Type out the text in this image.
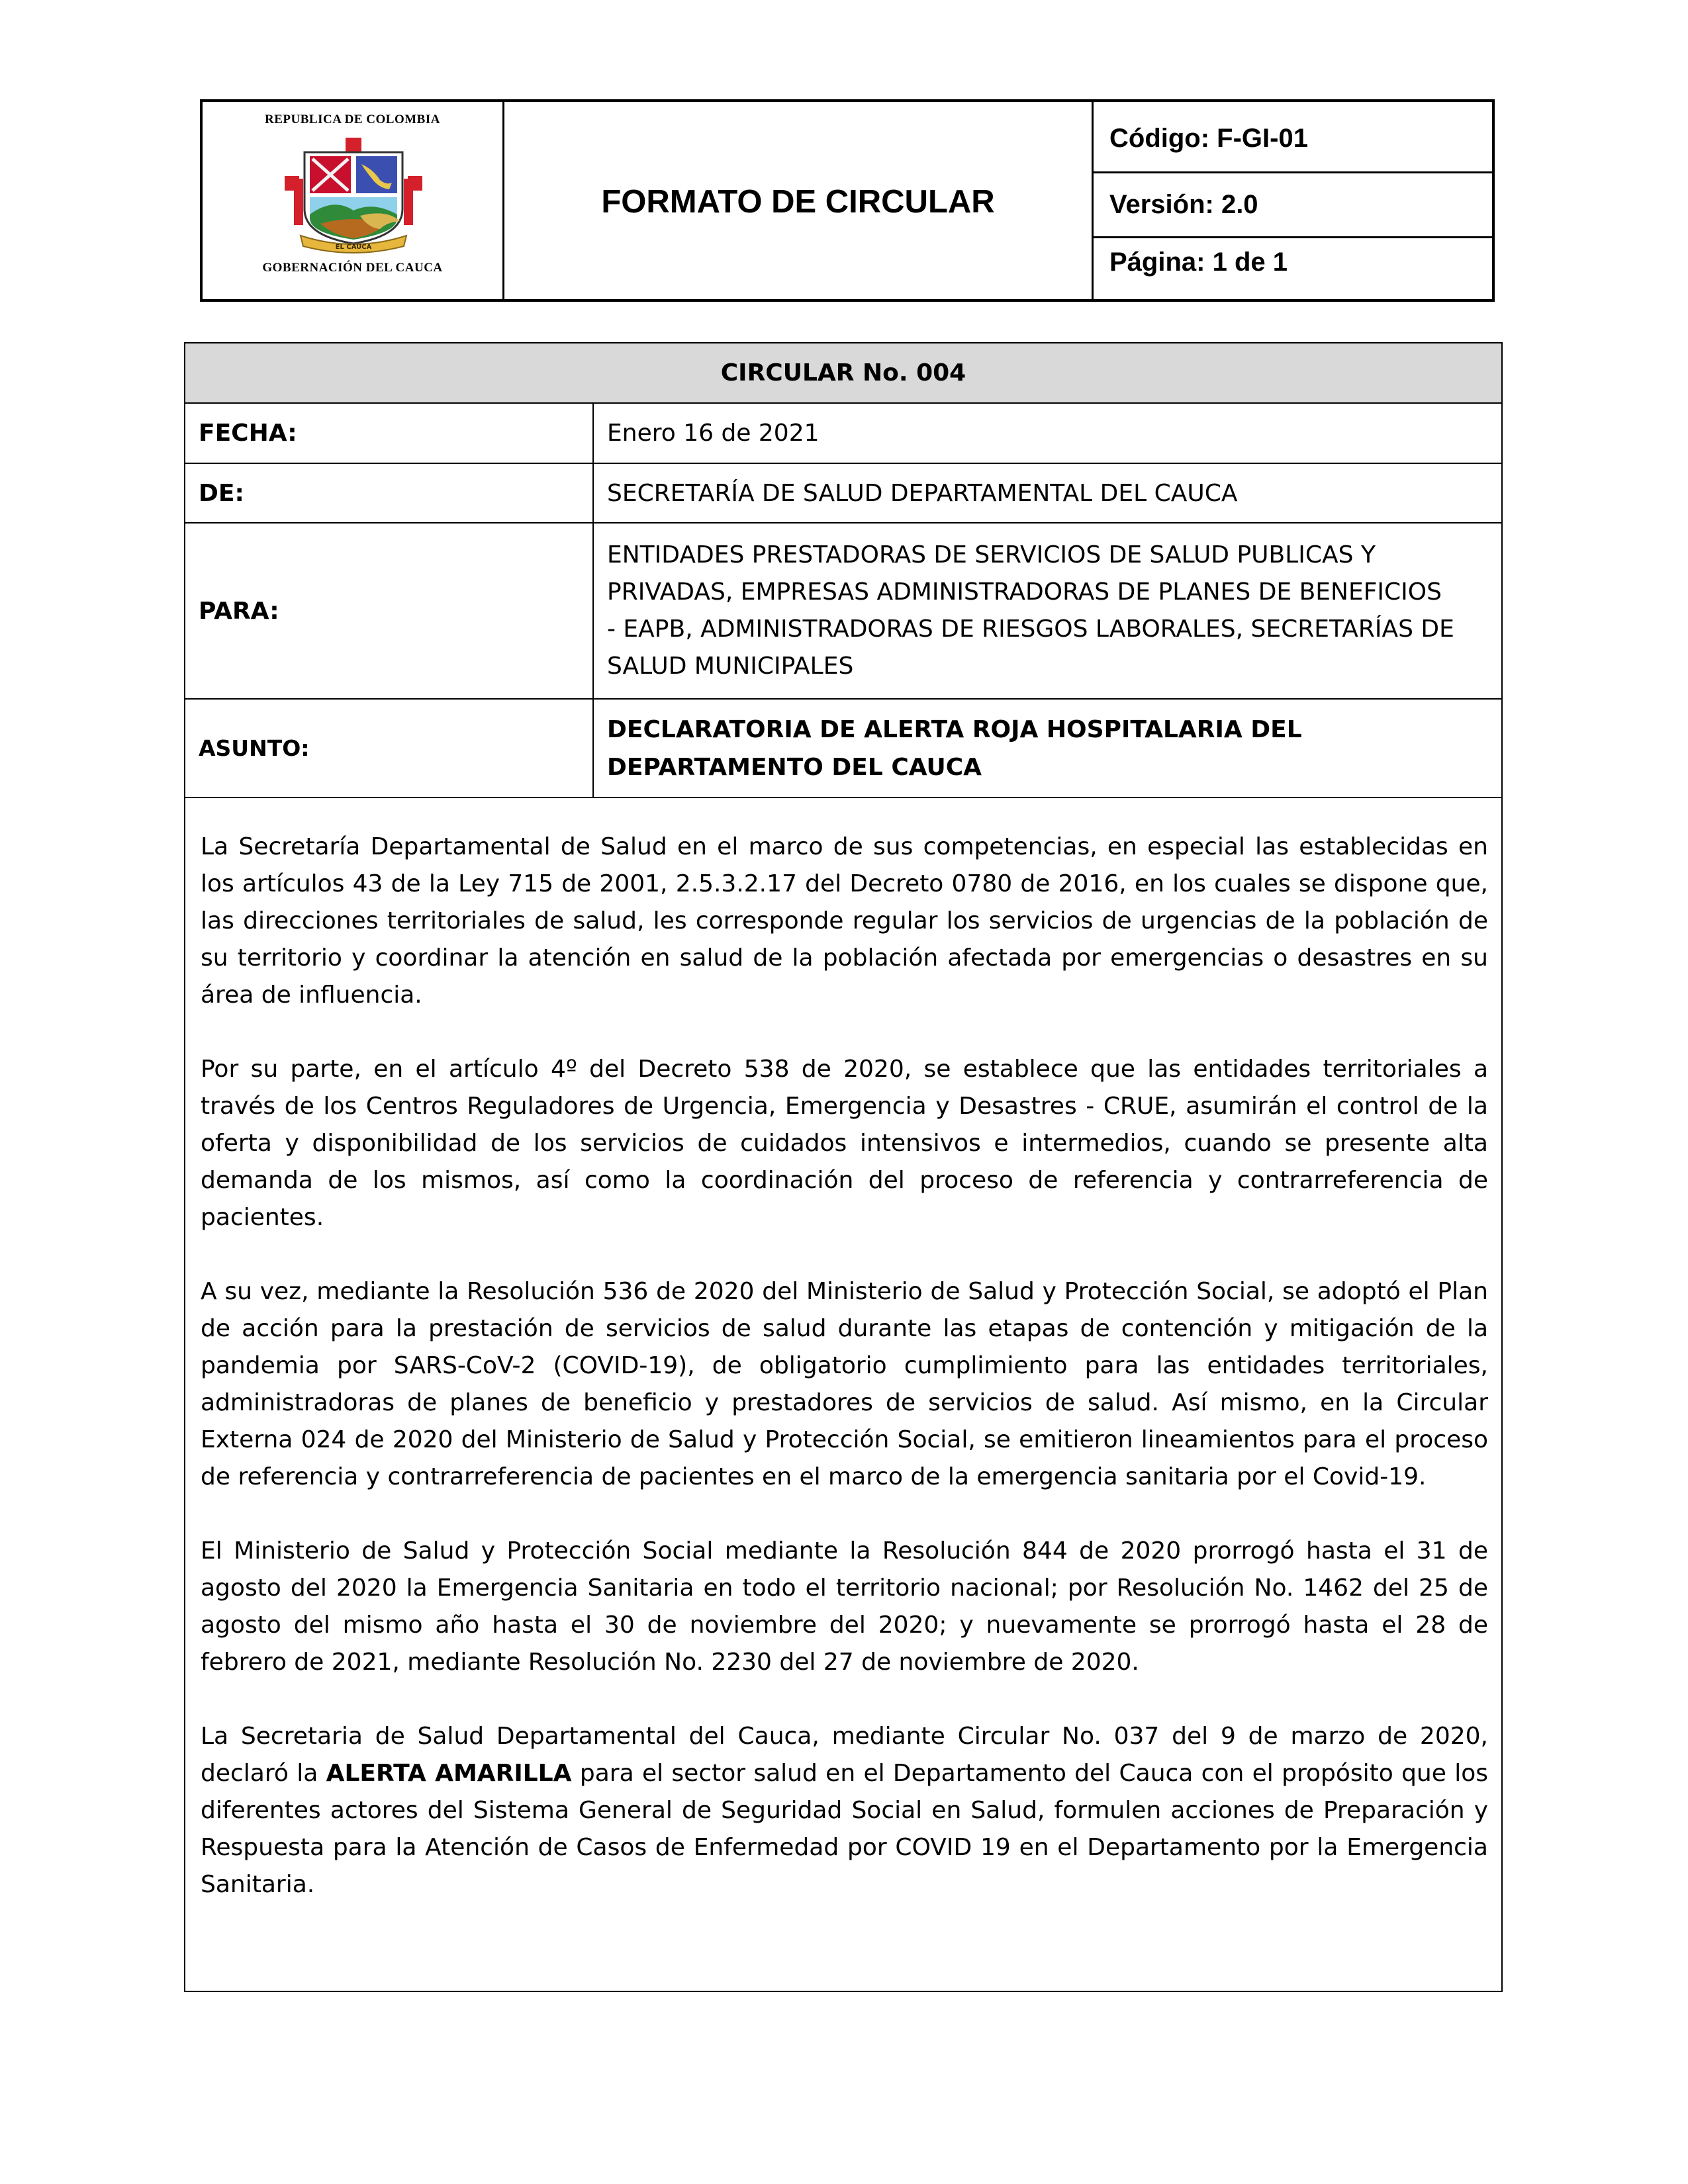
REPUBLICA DE COLOMBIA
EL CAUCA
GOBERNACIÓN DEL CAUCA
FORMATO DE CIRCULAR
Código: F-GI-01
Versión: 2.0
Página: 1 de 1
CIRCULAR No. 004	
FECHA:	Enero 16 de 2021
DE:	SECRETARÍA DE SALUD DEPARTAMENTAL DEL CAUCA
PARA:	ENTIDADES PRESTADORAS DE SERVICIOS DE SALUD PUBLICAS Y
PRIVADAS, EMPRESAS ADMINISTRADORAS DE PLANES DE BENEFICIOS
- EAPB, ADMINISTRADORAS DE RIESGOS LABORALES, SECRETARÍAS DE
SALUD MUNICIPALES

ASUNTO:	DECLARATORIA DE ALERTA ROJA HOSPITALARIA DEL
DEPARTAMENTO DEL CAUCA

La Secretaría Departamental de Salud en el marco de sus competencias, en especial las establecidas en los artículos 43 de la Ley 715 de 2001, 2.5.3.2.17 del Decreto 0780 de 2016, en los cuales se dispone que, las direcciones territoriales de salud, les corresponde regular los servicios de urgencias de la población de su territorio y coordinar la atención en salud de la población afectada por emergencias o desastres en su área de influencia.

Por su parte, en el artículo 4º del Decreto 538 de 2020, se establece que las entidades territoriales a través de los Centros Reguladores de Urgencia, Emergencia y Desastres - CRUE, asumirán el control de la oferta y disponibilidad de los servicios de cuidados intensivos e intermedios, cuando se presente alta demanda de los mismos, así como la coordinación del proceso de referencia y contrarreferencia de pacientes.

A su vez, mediante la Resolución 536 de 2020 del Ministerio de Salud y Protección Social, se adoptó el Plan de acción para la prestación de servicios de salud durante las etapas de contención y mitigación de la pandemia por SARS-CoV-2 (COVID-19), de obligatorio cumplimiento para las entidades territoriales, administradoras de planes de beneficio y prestadores de servicios de salud. Así mismo, en la Circular Externa 024 de 2020 del Ministerio de Salud y Protección Social, se emitieron lineamientos para el proceso de referencia y contrarreferencia de pacientes en el marco de la emergencia sanitaria por el Covid-19.

El Ministerio de Salud y Protección Social mediante la Resolución 844 de 2020 prorrogó hasta el 31 de agosto del 2020 la Emergencia Sanitaria en todo el territorio nacional; por Resolución No. 1462 del 25 de agosto del mismo año hasta el 30 de noviembre del 2020; y nuevamente se prorrogó hasta el 28 de febrero de 2021, mediante Resolución No. 2230 del 27 de noviembre de 2020.

La Secretaria de Salud Departamental del Cauca, mediante Circular No. 037 del 9 de marzo de 2020, declaró la ALERTA AMARILLA para el sector salud en el Departamento del Cauca con el propósito que los diferentes actores del Sistema General de Seguridad Social en Salud, formulen acciones de Preparación y Respuesta para la Atención de Casos de Enfermedad por COVID 19 en el Departamento por la Emergencia Sanitaria.
